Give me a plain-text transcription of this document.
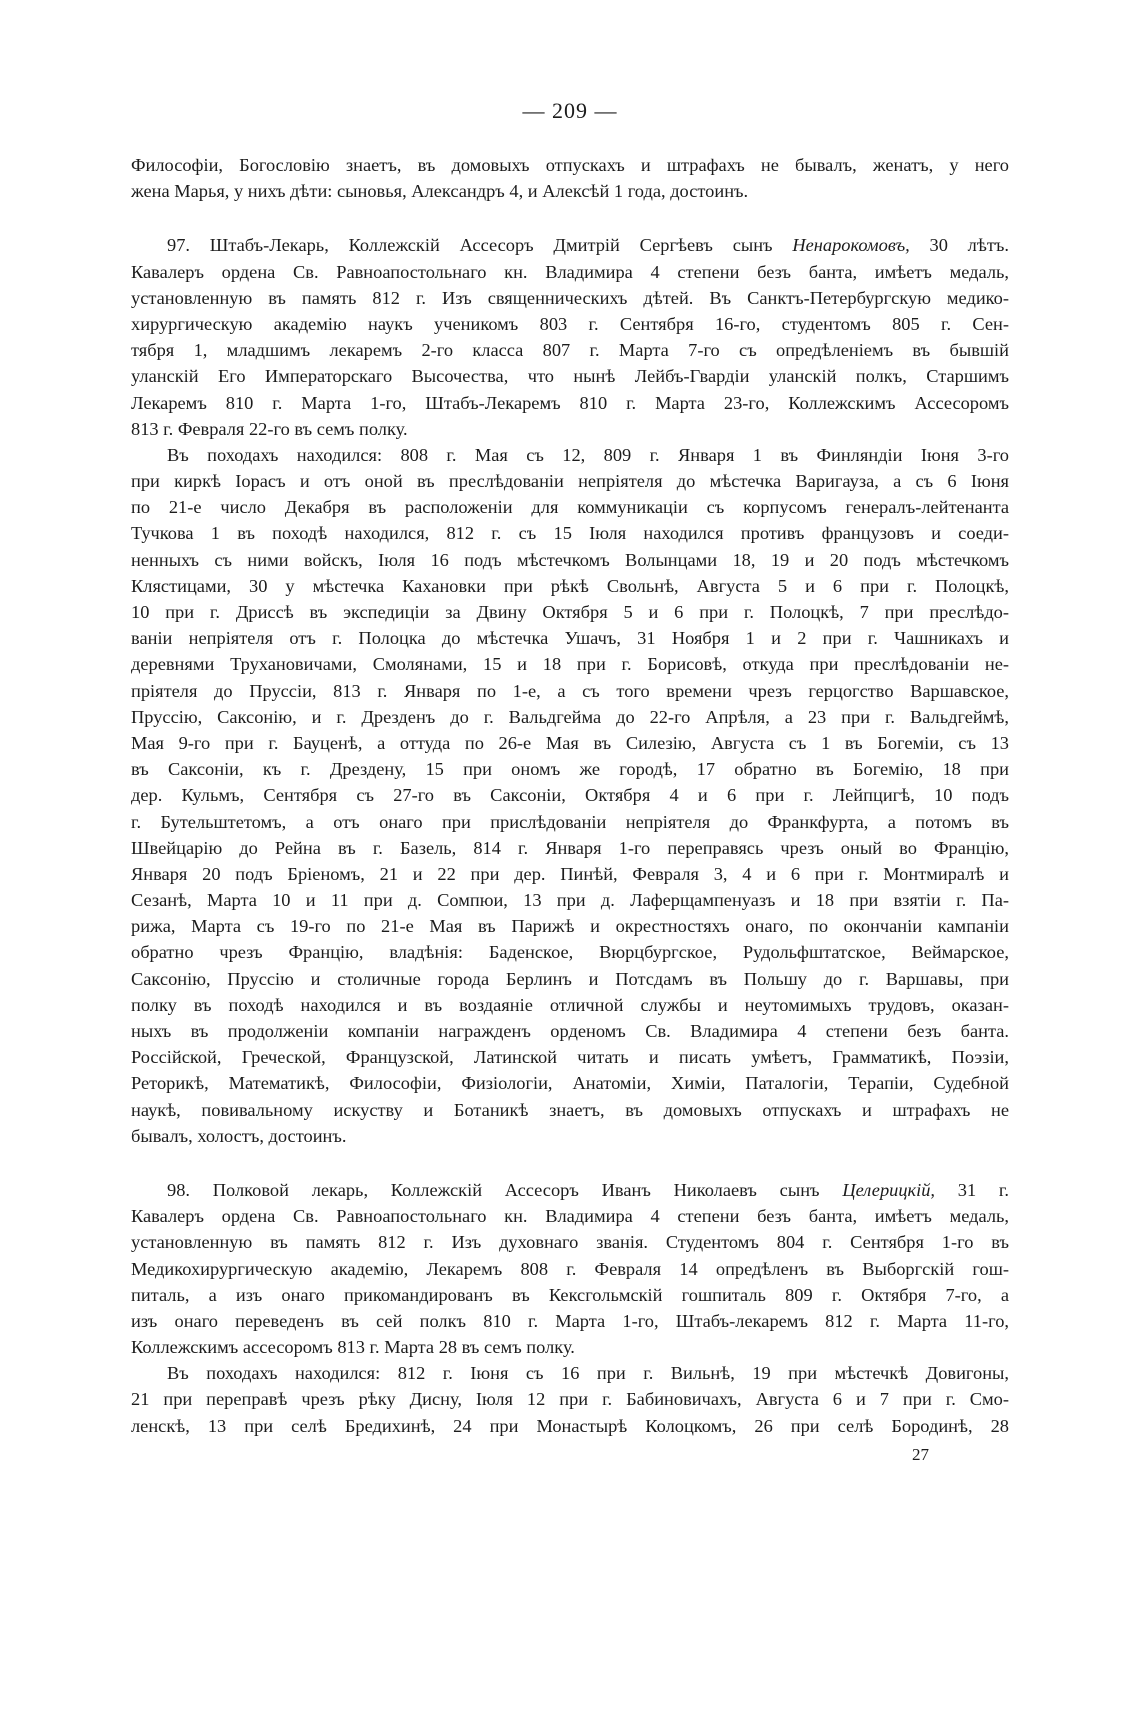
— 209 —
Философіи, Богословію знаетъ, въ домовыхъ отпускахъ и штрафахъ не бывалъ, женатъ, у него
жена Марья, у нихъ дѣти: сыновья, Александръ 4, и Алексѣй 1 года, достоинъ.
97. Штабъ-Лекарь, Коллежскій Ассесоръ Дмитрій Сергѣевъ сынъ Ненарокомовъ, 30 лѣтъ.
Кавалеръ ордена Св. Равноапостольнаго кн. Владимира 4 степени безъ банта, имѣетъ медаль,
установленную въ память 812 г. Изъ священническихъ дѣтей. Въ Санктъ-Петербургскую медико-
хирургическую академію наукъ ученикомъ 803 г. Сентября 16-го, студентомъ 805 г. Сен-
тября 1, младшимъ лекаремъ 2-го класса 807 г. Марта 7-го съ опредѣленіемъ въ бывшій
уланскій Его Императорскаго Высочества, что нынѣ Лейбъ-Гвардіи уланскій полкъ, Старшимъ
Лекаремъ 810 г. Марта 1-го, Штабъ-Лекаремъ 810 г. Марта 23-го, Коллежскимъ Ассесоромъ
813 г. Февраля 22-го въ семъ полку.
Въ походахъ находился: 808 г. Мая съ 12, 809 г. Января 1 въ Финляндіи Іюня 3-го
при киркѣ Іорасъ и отъ оной въ преслѣдованіи непріятеля до мѣстечка Варигауза, а съ 6 Іюня
по 21-е число Декабря въ расположеніи для коммуникаціи съ корпусомъ генералъ-лейтенанта
Тучкова 1 въ походѣ находился, 812 г. съ 15 Іюля находился противъ французовъ и соеди-
ненныхъ съ ними войскъ, Іюля 16 подъ мѣстечкомъ Волынцами 18, 19 и 20 подъ мѣстечкомъ
Клястицами, 30 у мѣстечка Кахановки при рѣкѣ Свольнѣ, Августа 5 и 6 при г. Полоцкѣ,
10 при г. Дриссѣ въ экспедиціи за Двину Октября 5 и 6 при г. Полоцкѣ, 7 при преслѣдо-
ваніи непріятеля отъ г. Полоцка до мѣстечка Ушачъ, 31 Ноября 1 и 2 при г. Чашникахъ и
деревнями Трухановичами, Смолянами, 15 и 18 при г. Борисовѣ, откуда при преслѣдованіи не-
пріятеля до Пруссіи, 813 г. Января по 1-е, а съ того времени чрезъ герцогство Варшавское,
Пруссію, Саксонію, и г. Дрезденъ до г. Вальдгейма до 22-го Апрѣля, а 23 при г. Вальдгеймѣ,
Мая 9-го при г. Бауценѣ, а оттуда по 26-е Мая въ Силезію, Августа съ 1 въ Богеміи, съ 13
въ Саксоніи, къ г. Дрездену, 15 при ономъ же городѣ, 17 обратно въ Богемію, 18 при
дер. Кульмъ, Сентября съ 27-го въ Саксоніи, Октября 4 и 6 при г. Лейпцигѣ, 10 подъ
г. Бутельштетомъ, а отъ онаго при прислѣдованіи непріятеля до Франкфурта, а потомъ въ
Швейцарію до Рейна въ г. Базель, 814 г. Января 1-го переправясь чрезъ оный во Францію,
Января 20 подъ Бріеномъ, 21 и 22 при дер. Пинѣй, Февраля 3, 4 и 6 при г. Монтмиралѣ и
Сезанѣ, Марта 10 и 11 при д. Сомпюи, 13 при д. Лаферщампенуазъ и 18 при взятіи г. Па-
рижа, Марта съ 19-го по 21-е Мая въ Парижѣ и окрестностяхъ онаго, по окончаніи кампаніи
обратно чрезъ Францію, владѣнія: Баденское, Вюрцбургское, Рудольфштатское, Веймарское,
Саксонію, Пруссію и столичные города Берлинъ и Потсдамъ въ Польшу до г. Варшавы, при
полку въ походѣ находился и въ воздаяніе отличной службы и неутомимыхъ трудовъ, оказан-
ныхъ въ продолженіи компаніи награжденъ орденомъ Св. Владимира 4 степени безъ банта.
Россійской, Греческой, Французской, Латинской читать и писать умѣетъ, Грамматикѣ, Поэзіи,
Реторикѣ, Математикѣ, Философіи, Физіологіи, Анатоміи, Химіи, Паталогіи, Терапіи, Судебной
наукѣ, повивальному искуству и Ботаникѣ знаетъ, въ домовыхъ отпускахъ и штрафахъ не
бывалъ, холостъ, достоинъ.
98. Полковой лекарь, Коллежскій Ассесоръ Иванъ Николаевъ сынъ Целерицкій, 31 г.
Кавалеръ ордена Св. Равноапостольнаго кн. Владимира 4 степени безъ банта, имѣетъ медаль,
установленную въ память 812 г. Изъ духовнаго званія. Студентомъ 804 г. Сентября 1-го въ
Медикохирургическую академію, Лекаремъ 808 г. Февраля 14 опредѣленъ въ Выборгскій гош-
питаль, а изъ онаго прикомандированъ въ Кексгольмскій гошпиталь 809 г. Октября 7-го, а
изъ онаго переведенъ въ сей полкъ 810 г. Марта 1-го, Штабъ-лекаремъ 812 г. Марта 11-го,
Коллежскимъ ассесоромъ 813 г. Марта 28 въ семъ полку.
Въ походахъ находился: 812 г. Іюня съ 16 при г. Вильнѣ, 19 при мѣстечкѣ Довигоны,
21 при переправѣ чрезъ рѣку Дисну, Іюля 12 при г. Бабиновичахъ, Августа 6 и 7 при г. Смо-
ленскѣ, 13 при селѣ Бредихинѣ, 24 при Монастырѣ Колоцкомъ, 26 при селѣ Бородинѣ, 28
27
